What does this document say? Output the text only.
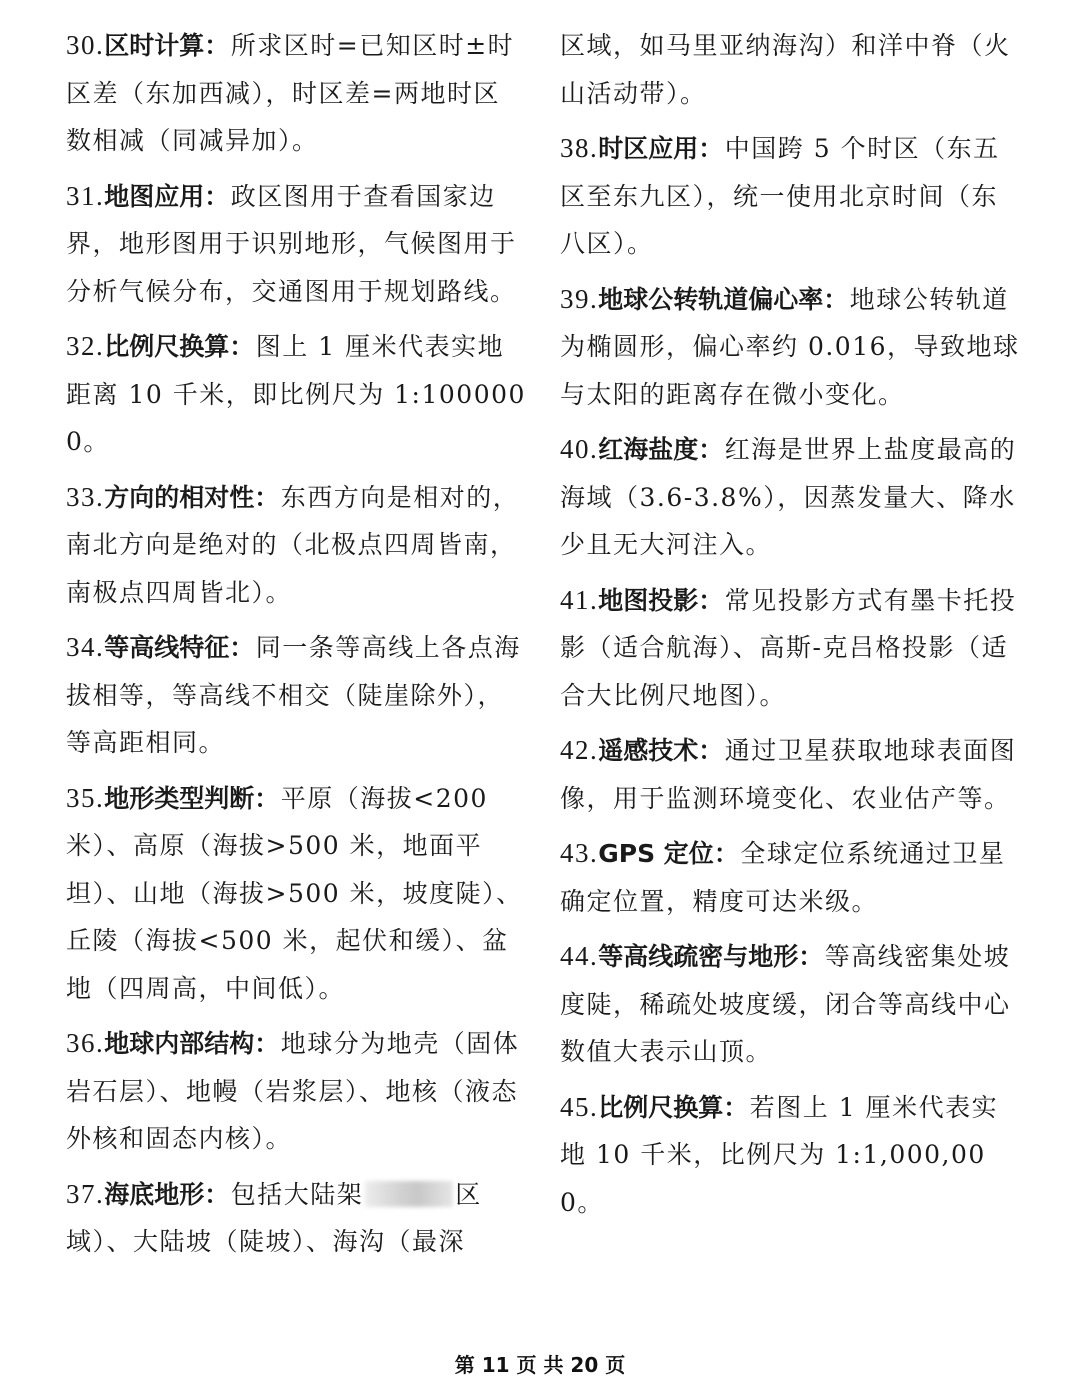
30.区时计算：所求区时=已知区时±时区差（东加西减），时区差=两地时区数相减（同减异加）。

31.地图应用：政区图用于查看国家边界，地形图用于识别地形，气候图用于分析气候分布，交通图用于规划路线。

32.比例尺换算：图上 1 厘米代表实地距离 10 千米，即比例尺为 1:1000000。

33.方向的相对性：东西方向是相对的，南北方向是绝对的（北极点四周皆南，南极点四周皆北）。

34.等高线特征：同一条等高线上各点海拔相等，等高线不相交（陡崖除外），等高距相同。

35.地形类型判断：平原（海拔<200米）、高原（海拔>500 米，地面平坦）、山地（海拔>500 米，坡度陡）、丘陵（海拔<500 米，起伏和缓）、盆地（四周高，中间低）。

36.地球内部结构：地球分为地壳（固体岩石层）、地幔（岩浆层）、地核（液态外核和固态内核）。

37.海底地形：包括大陆架	区域）、大陆坡（陡坡）、海沟（最深

区域，如马里亚纳海沟）和洋中脊（火山活动带）。

38.时区应用：中国跨 5 个时区（东五区至东九区），统一使用北京时间（东八区）。

39.地球公转轨道偏心率：地球公转轨道为椭圆形，偏心率约 0.016，导致地球与太阳的距离存在微小变化。

40.红海盐度：红海是世界上盐度最高的海域（3.6-3.8%），因蒸发量大、降水少且无大河注入。

41.地图投影：常见投影方式有墨卡托投影（适合航海）、高斯-克吕格投影（适合大比例尺地图）。

42.遥感技术：通过卫星获取地球表面图像，用于监测环境变化、农业估产等。

43.GPS 定位：全球定位系统通过卫星确定位置，精度可达米级。

44.等高线疏密与地形：等高线密集处坡度陡，稀疏处坡度缓，闭合等高线中心数值大表示山顶。

45.比例尺换算：若图上 1 厘米代表实地 10 千米，比例尺为 1:1,000,000。

第 11 页 共 20 页
